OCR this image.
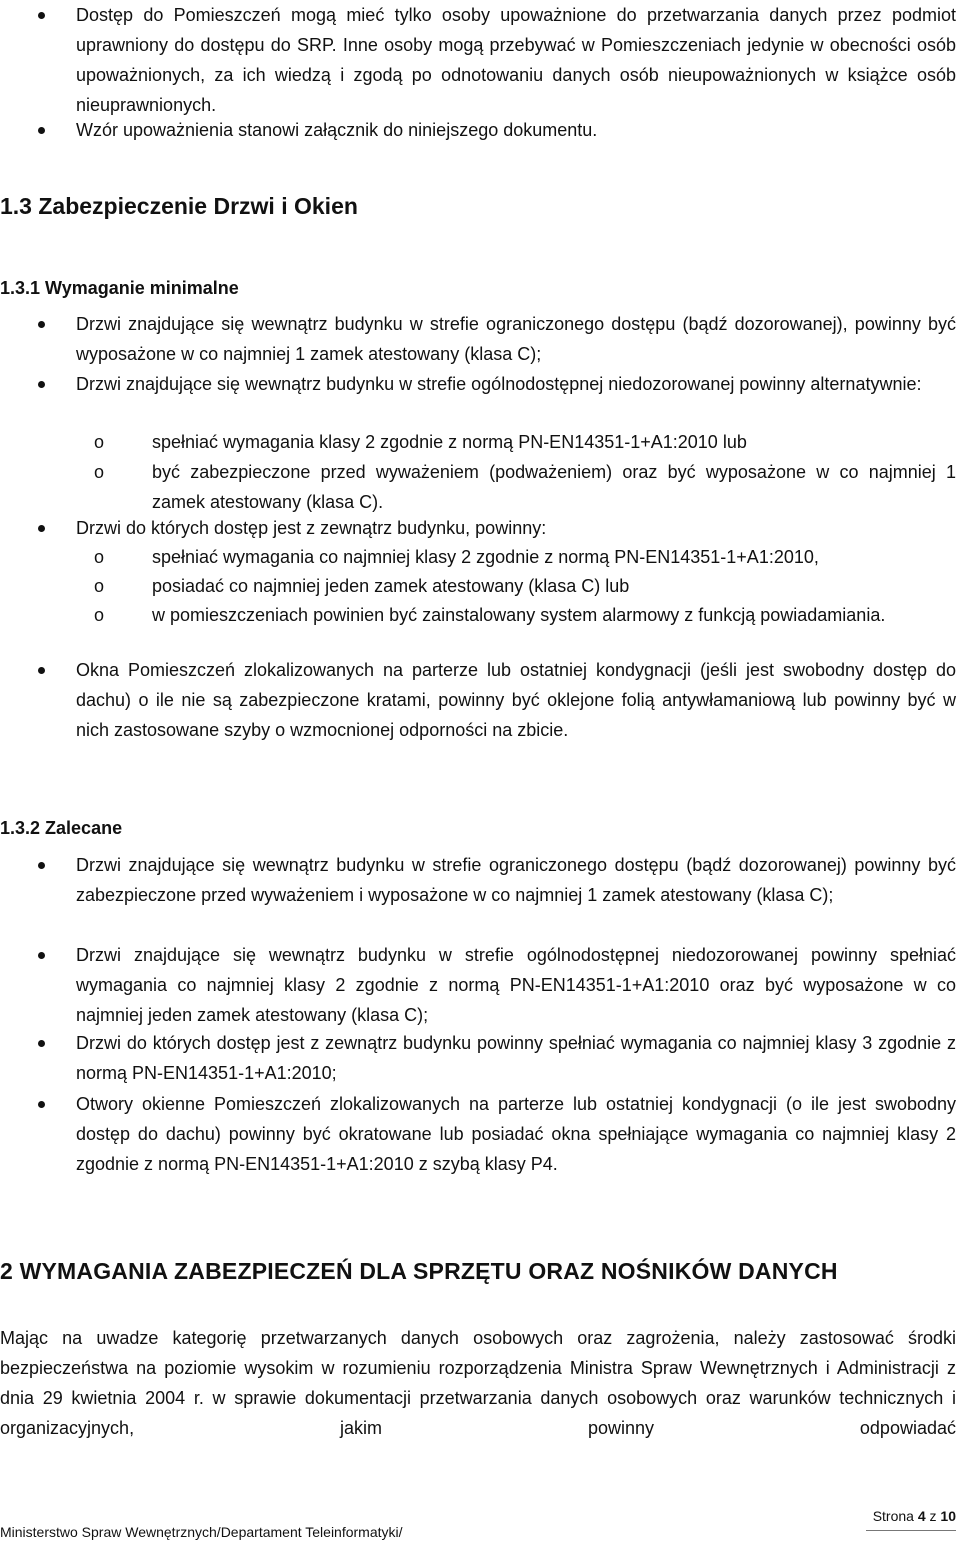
Dostęp do Pomieszczeń mogą mieć tylko osoby upoważnione do przetwarzania danych przez podmiot uprawniony do dostępu do SRP. Inne osoby mogą przebywać w Pomieszczeniach jedynie w obecności osób upoważnionych, za ich wiedzą i zgodą po odnotowaniu danych osób nieupoważnionych w książce osób nieuprawnionych.
Wzór upoważnienia stanowi załącznik do niniejszego dokumentu.
1.3 Zabezpieczenie Drzwi i Okien
1.3.1 Wymaganie minimalne
Drzwi znajdujące się wewnątrz budynku w strefie ograniczonego dostępu (bądź dozorowanej), powinny być wyposażone w co najmniej 1 zamek atestowany (klasa C);
Drzwi znajdujące się wewnątrz budynku w strefie ogólnodostępnej niedozorowanej powinny alternatywnie:
o spełniać wymagania klasy 2 zgodnie z normą PN-EN14351-1+A1:2010 lub
o być zabezpieczone przed wyważeniem (podważeniem) oraz być wyposażone w co najmniej 1 zamek atestowany (klasa C).
Drzwi do których dostęp jest z zewnątrz budynku, powinny:
o spełniać wymagania co najmniej klasy 2 zgodnie z normą PN-EN14351-1+A1:2010,
o posiadać co najmniej jeden zamek atestowany (klasa C) lub
o w pomieszczeniach powinien być zainstalowany system alarmowy z funkcją powiadamiania.
Okna Pomieszczeń zlokalizowanych na parterze lub ostatniej kondygnacji (jeśli jest swobodny dostęp do dachu) o ile nie są zabezpieczone kratami, powinny być oklejone folią antywłamaniową lub powinny być w nich zastosowane szyby o wzmocnionej odporności na zbicie.
1.3.2 Zalecane
Drzwi znajdujące się wewnątrz budynku w strefie ograniczonego dostępu (bądź dozorowanej) powinny być zabezpieczone przed wyważeniem i wyposażone w co najmniej 1 zamek atestowany (klasa C);
Drzwi znajdujące się wewnątrz budynku w strefie ogólnodostępnej niedozorowanej powinny spełniać wymagania co najmniej klasy 2 zgodnie z normą PN-EN14351-1+A1:2010 oraz być wyposażone w co najmniej jeden zamek atestowany (klasa C);
Drzwi do których dostęp jest z zewnątrz budynku powinny spełniać wymagania co najmniej klasy 3 zgodnie z normą PN-EN14351-1+A1:2010;
Otwory okienne Pomieszczeń zlokalizowanych na parterze lub ostatniej kondygnacji (o ile jest swobodny dostęp do dachu) powinny być okratowane lub posiadać okna spełniające wymagania co najmniej klasy 2 zgodnie z normą PN-EN14351-1+A1:2010 z szybą klasy P4.
2 WYMAGANIA ZABEZPIECZEŃ DLA SPRZĘTU ORAZ NOŚNIKÓW DANYCH
Mając na uwadze kategorię przetwarzanych danych osobowych oraz zagrożenia, należy zastosować środki bezpieczeństwa na poziomie wysokim w rozumieniu rozporządzenia Ministra Spraw Wewnętrznych i Administracji z dnia 29 kwietnia 2004 r. w sprawie dokumentacji przetwarzania danych osobowych oraz warunków technicznych i organizacyjnych, jakim powinny odpowiadać
Strona 4 z 10
Ministerstwo Spraw Wewnętrznych/Departament Teleinformatyki/
